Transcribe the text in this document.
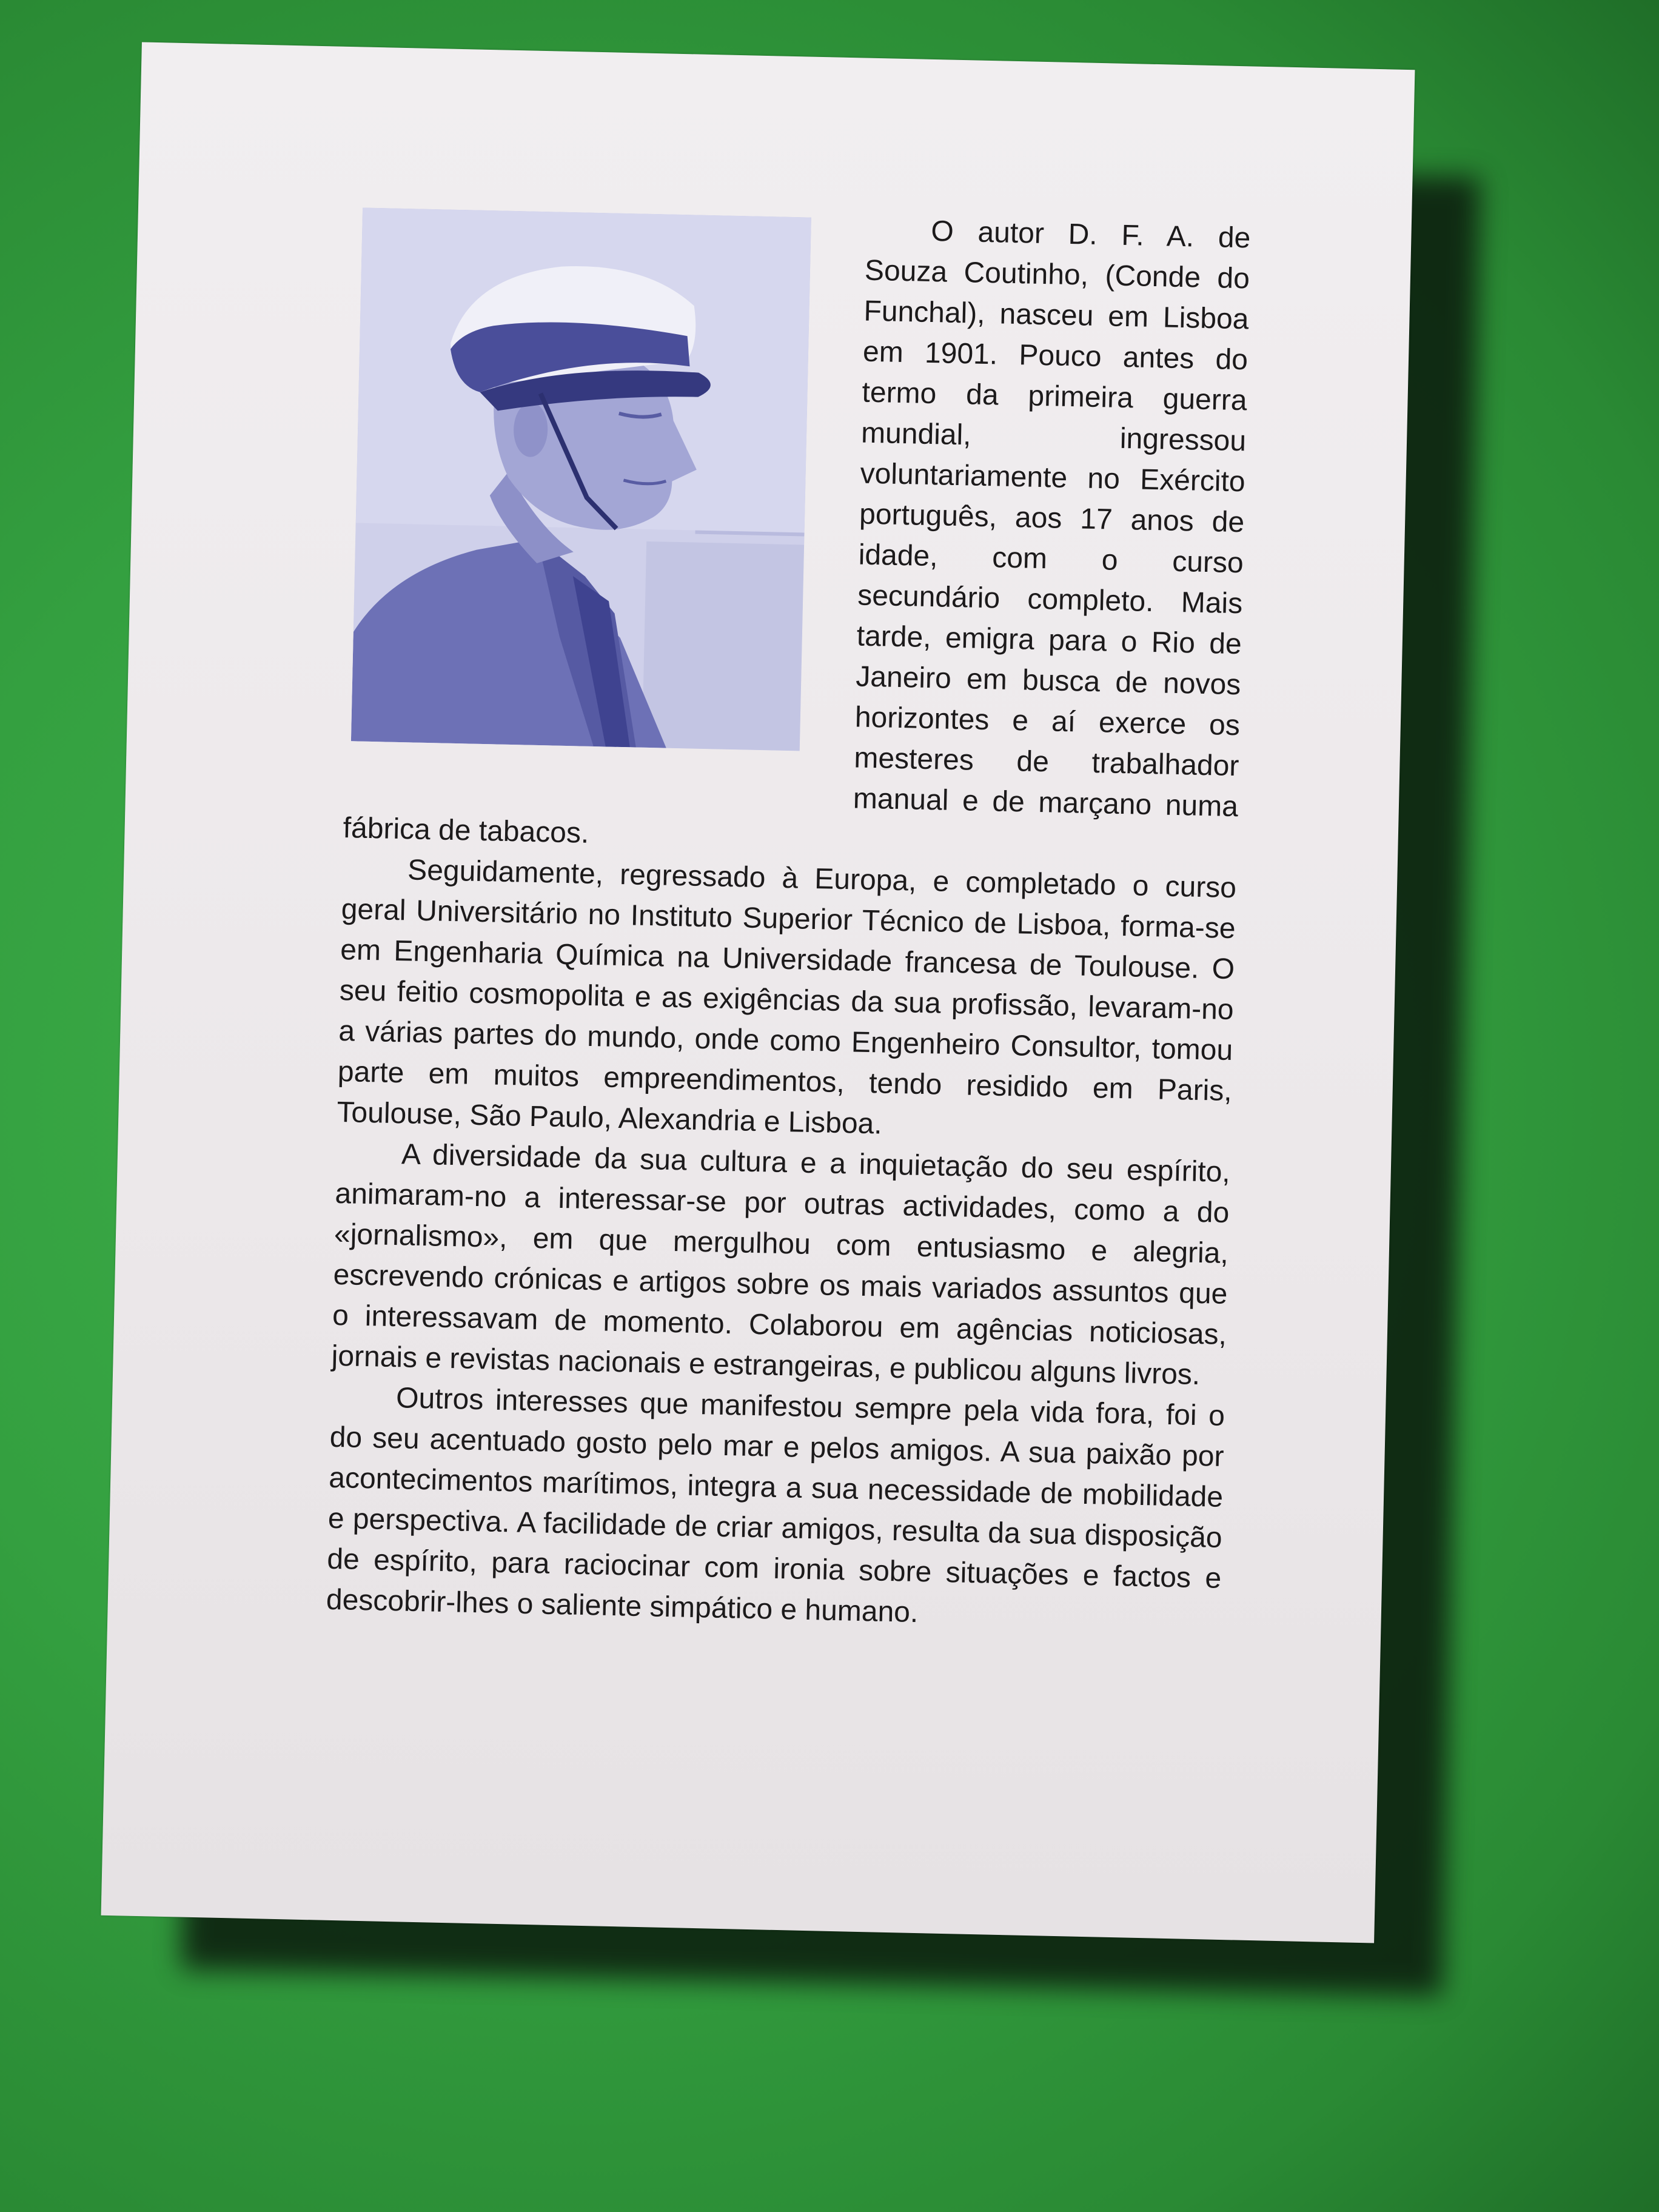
O autor D. F. A. de Souza Coutinho, (Conde do Funchal), nasceu em Lisboa em 1901. Pouco antes do termo da primeira guerra mundial, ingressou voluntariamente no Exército português, aos 17 anos de idade, com o curso secundário completo. Mais tarde, emigra para o Rio de Janeiro em busca de novos horizontes e aí exerce os mesteres de trabalhador manual e de marçano numa fábrica de tabacos.

Seguidamente, regressado à Europa, e completado o curso geral Universitário no Instituto Superior Técnico de Lisboa, forma-se em Engenharia Química na Universidade francesa de Toulouse. O seu feitio cosmopolita e as exigências da sua profissão, levaram-no a várias partes do mundo, onde como Engenheiro Consultor, tomou parte em muitos empreendimentos, tendo residido em Paris, Toulouse, São Paulo, Alexandria e Lisboa.

A diversidade da sua cultura e a inquietação do seu espírito, animaram-no a interessar-se por outras actividades, como a do «jornalismo», em que mergulhou com entusiasmo e alegria, escrevendo crónicas e artigos sobre os mais variados assuntos que o interessavam de momento. Colaborou em agências noticiosas, jornais e revistas nacionais e estrangeiras, e publicou alguns livros.

Outros interesses que manifestou sempre pela vida fora, foi o do seu acentuado gosto pelo mar e pelos amigos. A sua paixão por acontecimentos marítimos, integra a sua necessidade de mobilidade e perspectiva. A facilidade de criar amigos, resulta da sua disposição de espírito, para raciocinar com ironia sobre situações e factos e descobrir-lhes o saliente simpático e humano.
